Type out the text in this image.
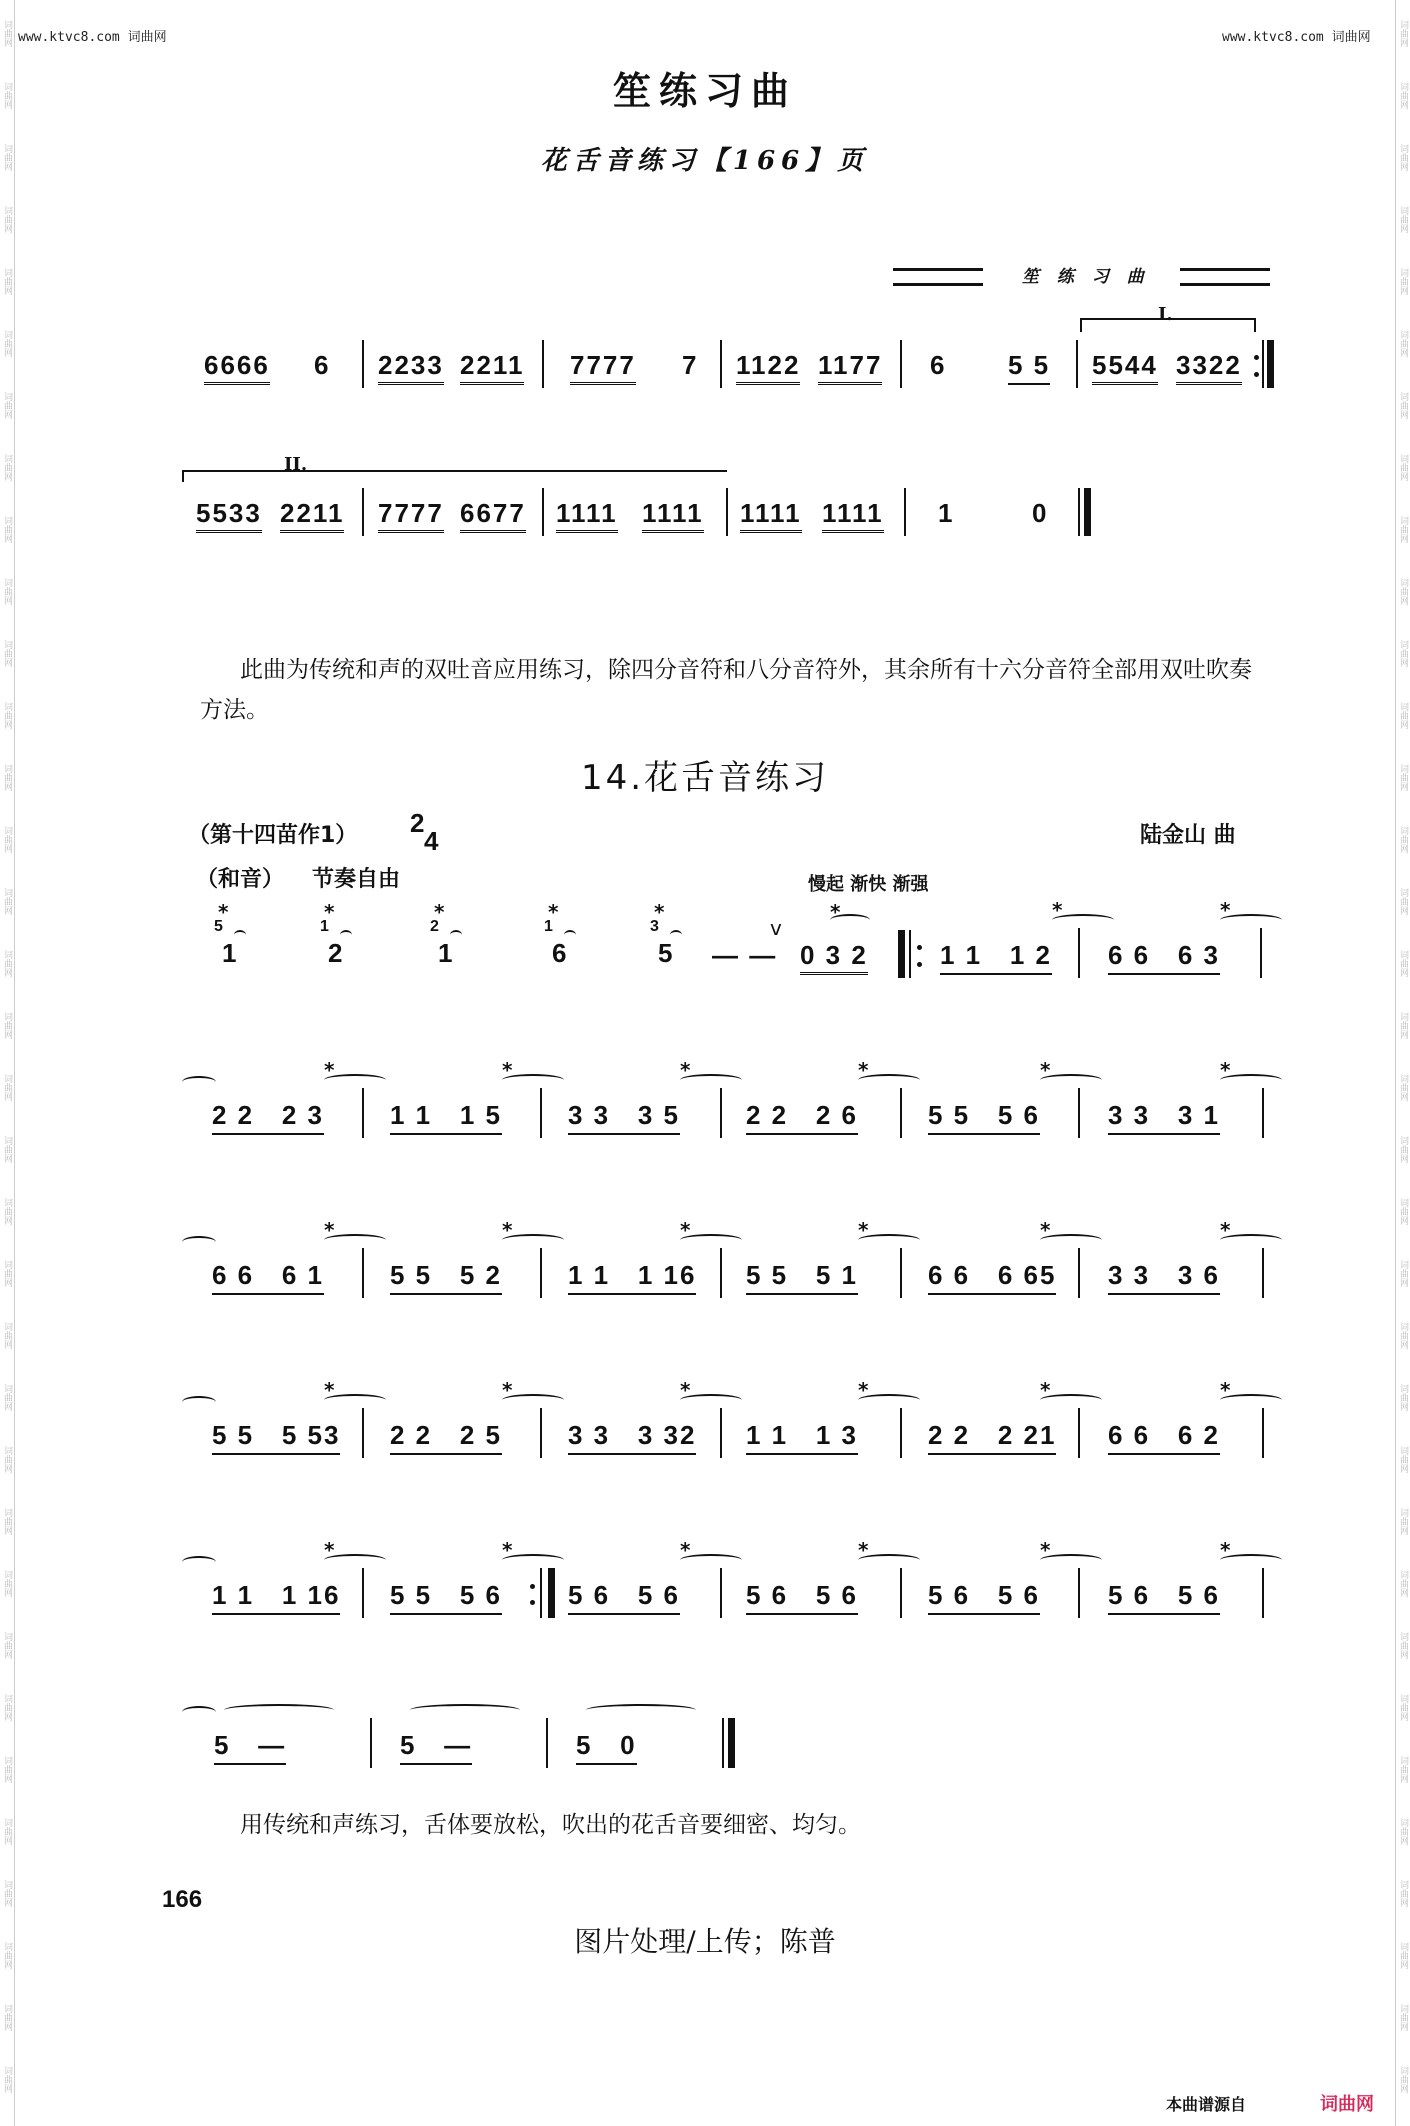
词曲网
词曲网
词曲网
词曲网
词曲网
词曲网
词曲网
词曲网
词曲网
词曲网
词曲网
词曲网
词曲网
词曲网
词曲网
词曲网
词曲网
词曲网
词曲网
词曲网
词曲网
词曲网
词曲网
词曲网
词曲网
词曲网
词曲网
词曲网
词曲网
词曲网
词曲网
词曲网
词曲网
词曲网
词曲网
词曲网
词曲网
词曲网
词曲网
词曲网
词曲网
词曲网
词曲网
词曲网
词曲网
词曲网
词曲网
词曲网
词曲网
词曲网
词曲网
词曲网
词曲网
词曲网
词曲网
词曲网
词曲网
词曲网
词曲网
词曲网
词曲网
词曲网
词曲网
词曲网
词曲网
词曲网
词曲网
词曲网
www.ktvc8.com 词曲网	www.ktvc8.com 词曲网
笙练习曲
花舌音练习【166】页
笙 练 习 曲
6666 6 2233 2211 7777 7 1122 1177 6 5 5
I.
5544 3322
II.
5533 2211 7777 6677 1111 1111 1111 1111 1	0
此曲为传统和声的双吐音应用练习，除四分音符和八分音符外，其余所有十六分音符全部用双吐吹奏方法。
14.花舌音练习
（第十四苗作1） 2
4	陆金山 曲
（和音） 节奏自由	慢起 渐快 渐强
*
5
1
*
1
2
*
2
1
*
1
6
*
3
5 — —
v
0 3 2
*
1 1   1 2
*
6 6   6 3
*
2 2   2 3
*
1 1   1 5
*
3 3   3 5
*
2 2   2 6
*
5 5   5 6
*
3 3   3 1
*
6 6   6 1
*
5 5   5 2
*
1 1   1 16
*
5 5   5 1
*
6 6   6 65
*
3 3   3 6
*
5 5   5 53
*
2 2   2 5
*
3 3   3 32
*
1 1   1 3
*
2 2   2 21
*
6 6   6 2
*
1 1   1 16
*
5 5   5 6
*
5 6   5 6
*
5 6   5 6
*
5 6   5 6
*
5 6   5 6
*
5   —	5   —	5   0
用传统和声练习，舌体要放松，吹出的花舌音要细密、均匀。
166
图片处理/上传；陈普
本曲谱源自	词曲网
